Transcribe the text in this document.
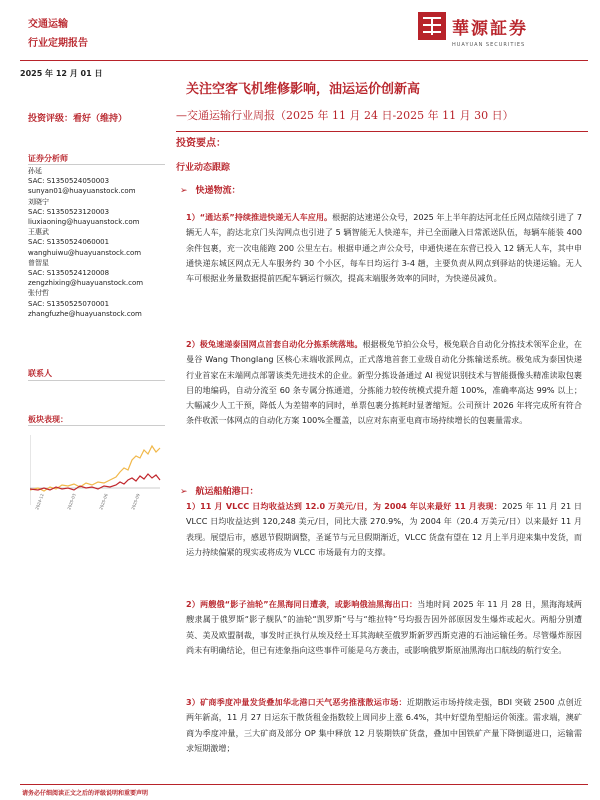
交通运输
行业定期报告
華源証券
HUAYUAN SECURITIES
2025 年 12 月 01 日
关注空客飞机维修影响，油运运价创新高
—交通运输行业周报（2025 年 11 月 24 日-2025 年 11 月 30 日）
投资评级：看好（维持）
投资要点：
证券分析师
孙延
SAC: S1350524050003
sunyan01@huayuanstock.com
刘晓宁
SAC: S1350523120003
liuxiaoning@huayuanstock.com
王惠武
SAC: S1350524060001
wanghuiwu@huayuanstock.com
曾智星
SAC: S1350524120008
zengzhixing@huayuanstock.com
张付哲
SAC: S1350525070001
zhangfuzhe@huayuanstock.com
联系人
板块表现：
2024-12	2025-03	2025-06	2025-09
行业动态跟踪
➢ 快递物流：
1）“通达系”持续推进快递无人车应用。根据韵达速递公众号，2025 年上半年韵达河北任丘网点陆续引进了 7 辆无人车，韵达北京门头沟网点也引进了 5 辆智能无人快递车，并已全面融入日常派送队伍，每辆车能装 400 余件包裹，充一次电能跑 200 公里左右。根据申通之声公众号，申通快递在东营已投入 12 辆无人车，其中申通快递东城区网点无人车服务约 30 个小区，每车日均运行 3-4 趟，主要负责从网点到驿站的快递运输。无人车可根据业务量数据提前匹配车辆运行频次，提高末端服务效率的同时，为快递员减负。
2）极兔速递泰国网点首套自动化分拣系统落地。根据极兔节拍公众号，极兔联合自动化分拣技术领军企业，在曼谷 Wang Thonglang 区核心末端收派网点，正式落地首套工业级自动化分拣输送系统。极兔成为泰国快递行业首家在末端网点部署该类先进技术的企业。新型分拣设备通过 AI 视觉识别技术与智能摄像头精准读取包裹目的地编码，自动分流至 60 条专属分拣通道，分拣能力较传统模式提升超 100%，准确率高达 99% 以上；大幅减少人工干预，降低人为差错率的同时，单票包裹分拣耗时显著缩短。公司预计 2026 年将完成所有符合条件收派一体网点的自动化方案 100%全覆盖，以应对东南亚电商市场持续增长的包裹量需求。
➢ 航运船舶港口：
1）11 月 VLCC 日均收益达到 12.0 万美元/日，为 2004 年以来最好 11 月表现：2025 年 11 月 21 日 VLCC 日均收益达到 120,248 美元/日，同比大涨 270.9%，为 2004 年（20.4 万美元/日）以来最好 11 月表现。展望后市，感恩节假期调整，圣诞节与元旦假期渐近，VLCC 货盘有望在 12 月上半月迎来集中发货，而运力持续偏紧的现实或将成为 VLCC 市场最有力的支撑。
2）两艘俄“影子油轮”在黑海同日遭袭，或影响俄油黑海出口：当地时间 2025 年 11 月 28 日，黑海海域两艘隶属于俄罗斯“影子舰队”的油轮“凯罗斯”号与“维拉特”号均报告因外部原因发生爆炸或起火。两船分别遭英、美及欧盟制裁，事发时正执行从埃及经土耳其海峡至俄罗斯新罗西斯克港的石油运输任务。尽管爆炸原因尚未有明确结论，但已有迹象指向这些事件可能是乌方袭击，或影响俄罗斯原油黑海出口航线的航行安全。
3）矿商季度冲量发货叠加华北港口天气恶劣推涨散运市场：近期散运市场持续走强，BDI 突破 2500 点创近两年新高，11 月 27 日运东干散货租金指数较上周同步上涨 6.4%，其中好望角型船运价领涨。需求端，澳矿商为季度冲量，三大矿商及部分 OP 集中释放 12 月装期铁矿货盘，叠加中国铁矿产量下降倒逼进口，运输需求短期激增；
请务必仔细阅读正文之后的评级说明和重要声明
